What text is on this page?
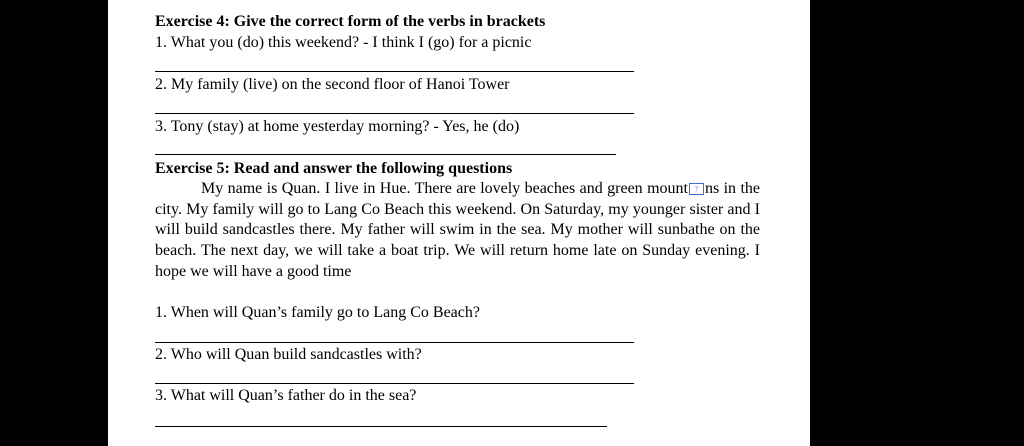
Exercise 4: Give the correct form of the verbs in brackets
1. What you (do) this weekend? - I think I (go) for a picnic
2. My family (live) on the second floor of Hanoi Tower
3. Tony (stay) at home yesterday morning? - Yes, he (do)
Exercise 5: Read and answer the following questions
My name is Quan. I live in Hue. There are lovely beaches and green mount ? ns in the city. My family will go to Lang Co Beach this weekend. On Saturday, my younger sister and I will build sandcastles there. My father will swim in the sea. My mother will sunbathe on the beach. The next day, we will take a boat trip. We will return home late on Sunday evening. I hope we will have a good time
1. When will Quan’s family go to Lang Co Beach?
2. Who will Quan build sandcastles with?
3. What will Quan’s father do in the sea?
